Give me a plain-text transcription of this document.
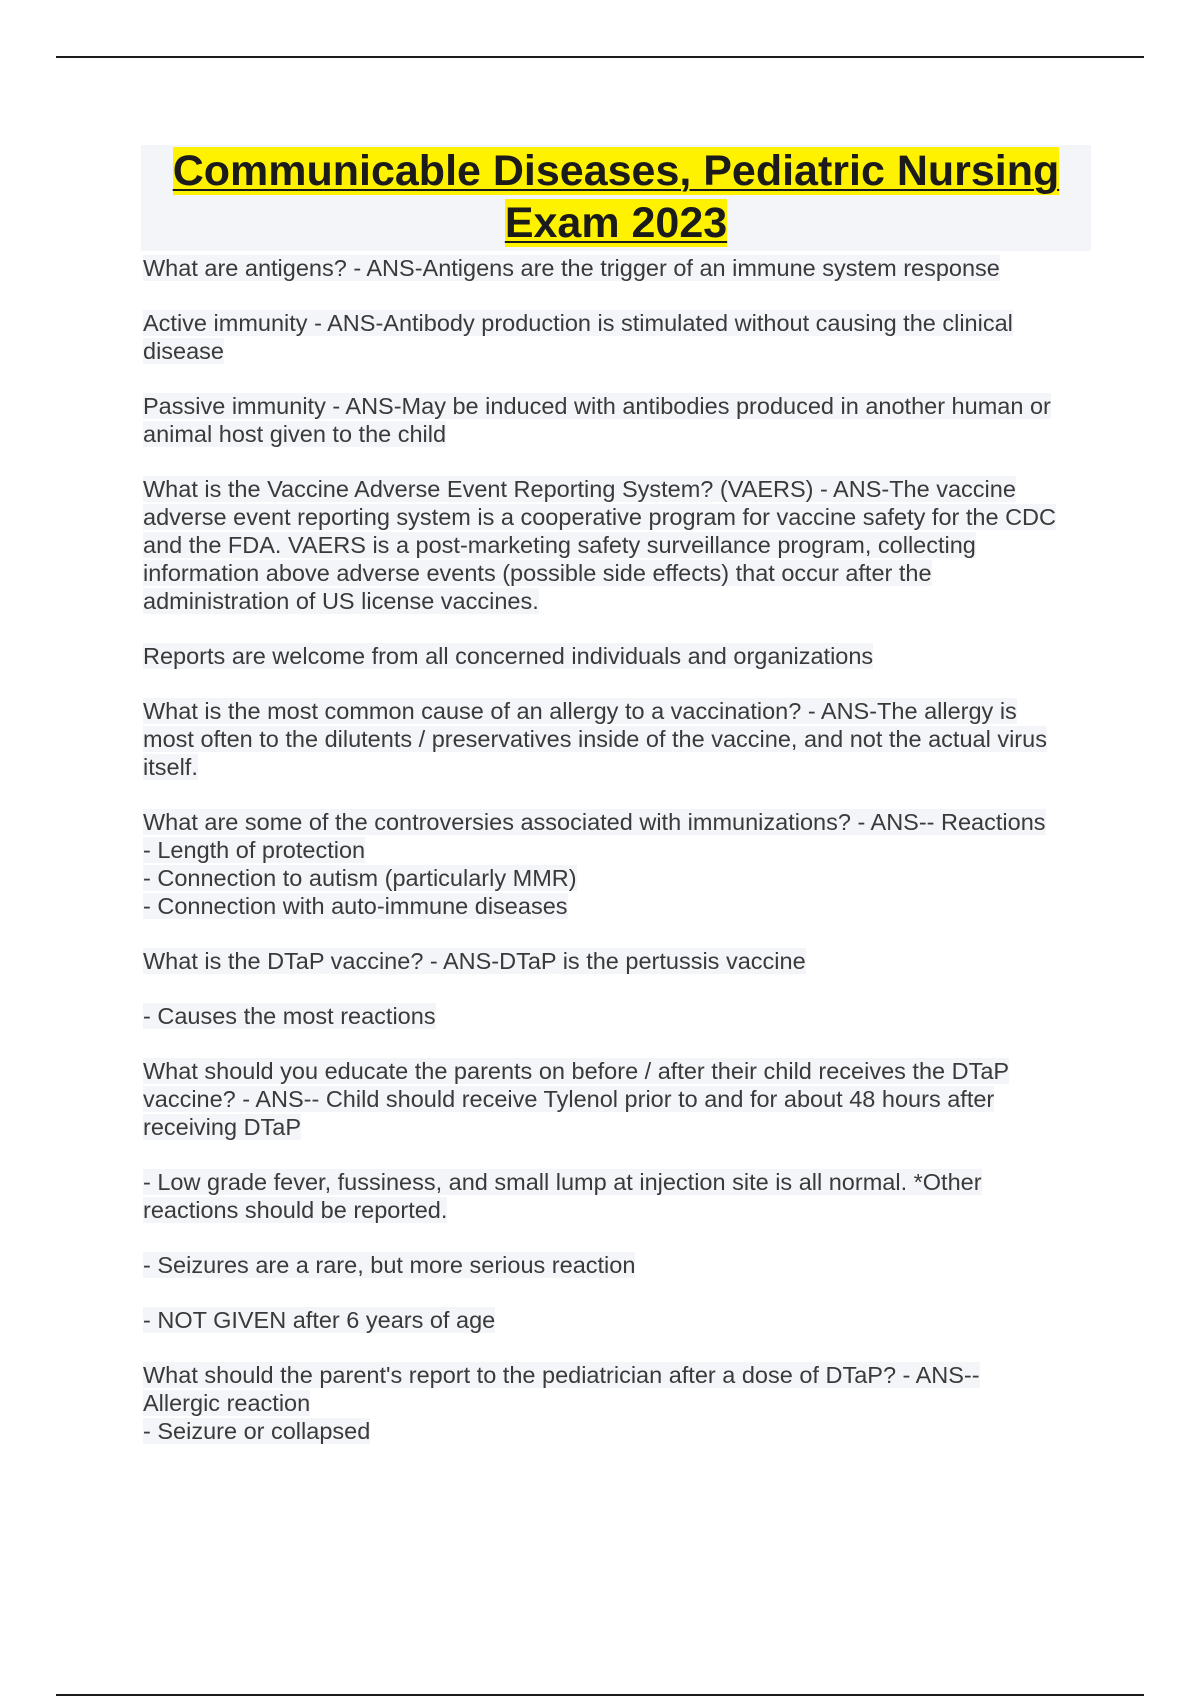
Communicable Diseases, Pediatric Nursing Exam 2023
What are antigens? - ANS-Antigens are the trigger of an immune system response
Active immunity - ANS-Antibody production is stimulated without causing the clinical
disease
Passive immunity - ANS-May be induced with antibodies produced in another human or
animal host given to the child
What is the Vaccine Adverse Event Reporting System? (VAERS) - ANS-The vaccine
adverse event reporting system is a cooperative program for vaccine safety for the CDC
and the FDA. VAERS is a post-marketing safety surveillance program, collecting
information above adverse events (possible side effects) that occur after the
administration of US license vaccines.
Reports are welcome from all concerned individuals and organizations
What is the most common cause of an allergy to a vaccination? - ANS-The allergy is
most often to the dilutents / preservatives inside of the vaccine, and not the actual virus
itself.
What are some of the controversies associated with immunizations? - ANS-- Reactions
- Length of protection
- Connection to autism (particularly MMR)
- Connection with auto-immune diseases
What is the DTaP vaccine? - ANS-DTaP is the pertussis vaccine
- Causes the most reactions
What should you educate the parents on before / after their child receives the DTaP
vaccine? - ANS-- Child should receive Tylenol prior to and for about 48 hours after
receiving DTaP
- Low grade fever, fussiness, and small lump at injection site is all normal. *Other
reactions should be reported.
- Seizures are a rare, but more serious reaction
- NOT GIVEN after 6 years of age
What should the parent's report to the pediatrician after a dose of DTaP? - ANS--
Allergic reaction
- Seizure or collapsed
